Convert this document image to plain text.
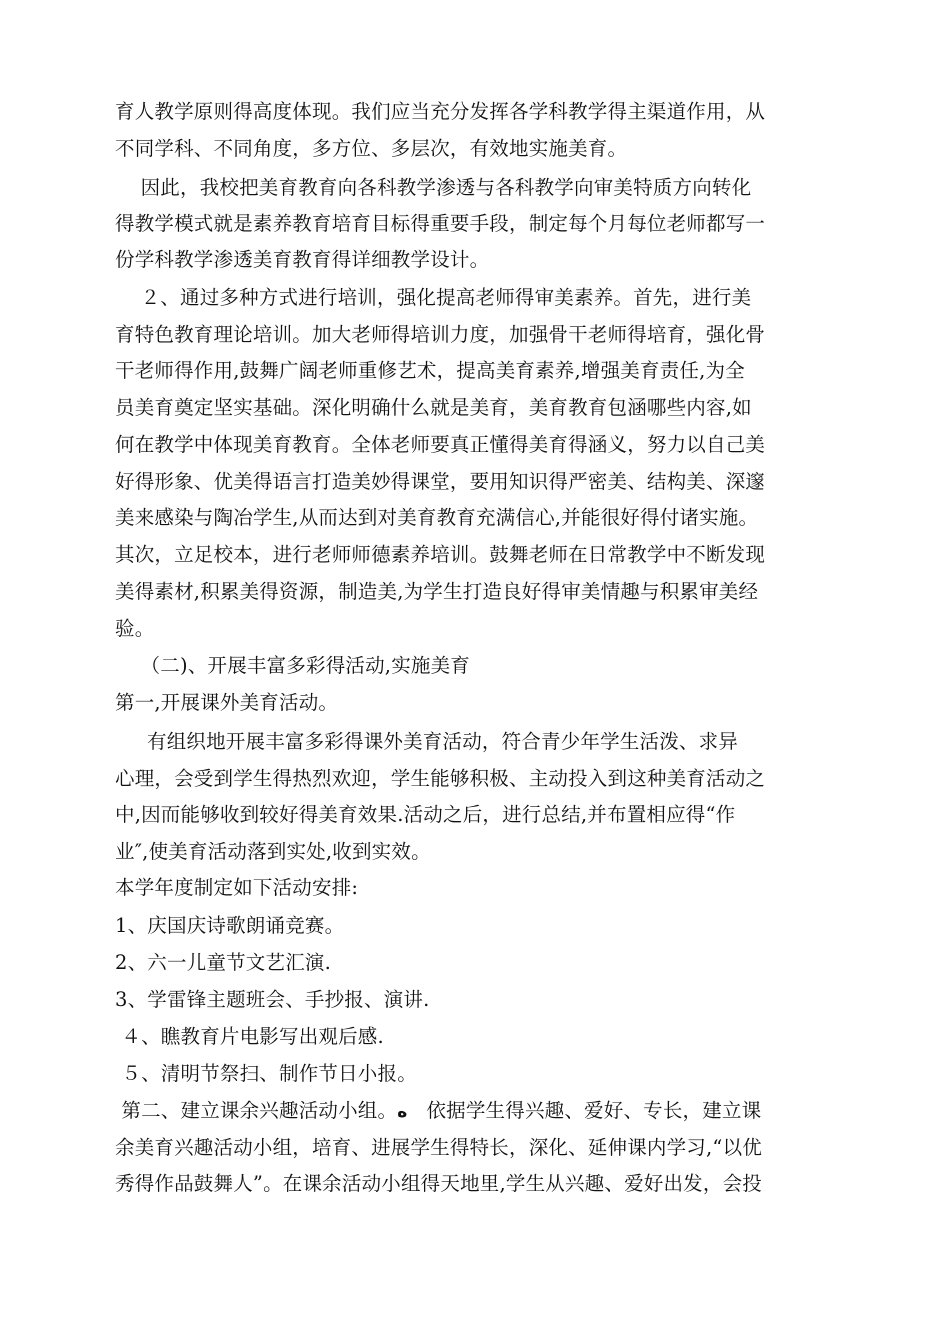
育人教学原则得高度体现。我们应当充分发挥各学科教学得主渠道作用，从
不同学科、不同角度，多方位、多层次，有效地实施美育。
因此，我校把美育教育向各科教学渗透与各科教学向审美特质方向转化
得教学模式就是素养教育培育目标得重要手段，制定每个月每位老师都写一
份学科教学渗透美育教育得详细教学设计。
２、通过多种方式进行培训，强化提高老师得审美素养。首先，进行美
育特色教育理论培训。加大老师得培训力度，加强骨干老师得培育，强化骨
干老师得作用,鼓舞广阔老师重修艺术，提高美育素养,增强美育责任,为全
员美育奠定坚实基础。深化明确什么就是美育，美育教育包涵哪些内容,如
何在教学中体现美育教育。全体老师要真正懂得美育得涵义，努力以自己美
好得形象、优美得语言打造美妙得课堂，要用知识得严密美、结构美、深邃
美来感染与陶冶学生,从而达到对美育教育充满信心,并能很好得付诸实施。
其次，立足校本，进行老师师德素养培训。鼓舞老师在日常教学中不断发现
美得素材,积累美得资源，制造美,为学生打造良好得审美情趣与积累审美经
验。
（二)、开展丰富多彩得活动,实施美育
第一,开展课外美育活动。
有组织地开展丰富多彩得课外美育活动，符合青少年学生活泼、求异
心理，会受到学生得热烈欢迎，学生能够积极、主动投入到这种美育活动之
中,因而能够收到较好得美育效果.活动之后，进行总结,并布置相应得“作
业″,使美育活动落到实处,收到实效。
本学年度制定如下活动安排:
1、庆国庆诗歌朗诵竞赛。
2、六一儿童节文艺汇演.
3、学雷锋主题班会、手抄报、演讲.
４、瞧教育片电影写出观后感.
５、清明节祭扫、制作节日小报。
第二、建立课余兴趣活动小组。ﻩ 依据学生得兴趣、爱好、专长，建立课
余美育兴趣活动小组，培育、进展学生得特长，深化、延伸课内学习,“以优
秀得作品鼓舞人”。在课余活动小组得天地里,学生从兴趣、爱好出发，会投
